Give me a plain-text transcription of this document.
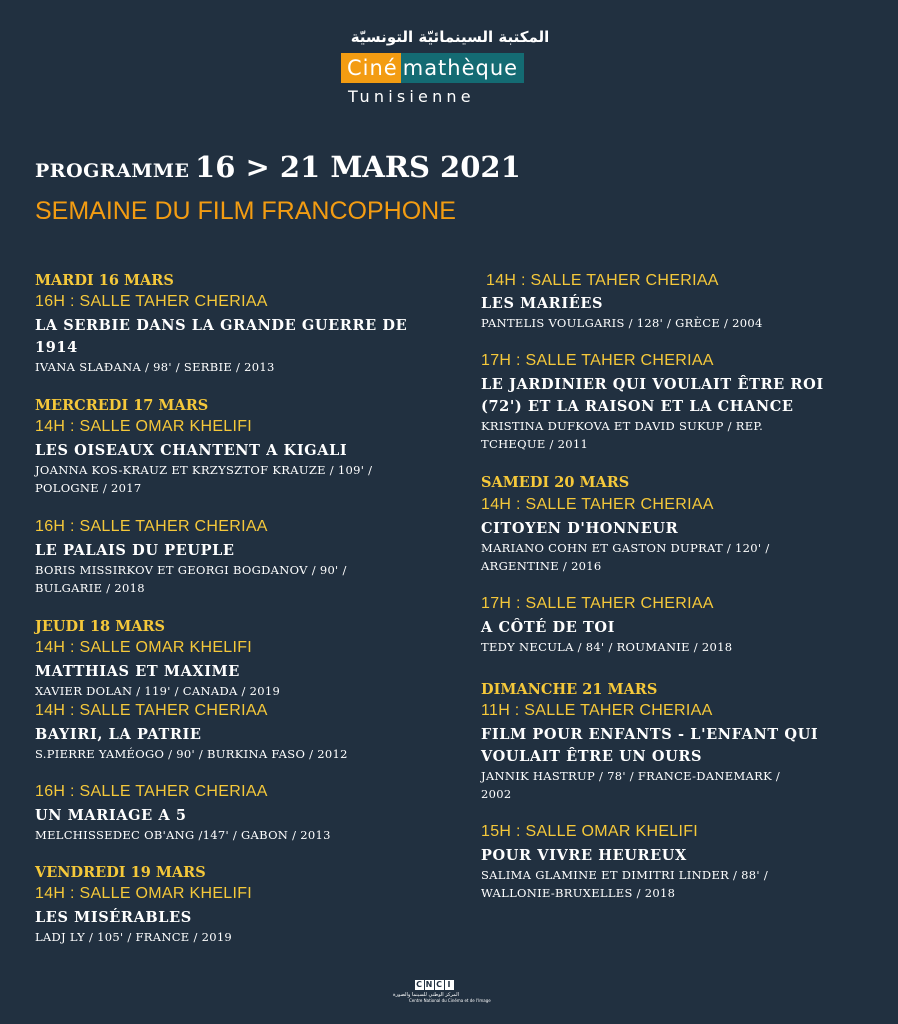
المكتبة السينمائيّة التونسيّة
Ciné mathèque
Tunisienne
PROGRAMME 16 > 21 MARS 2021
SEMAINE DU FILM FRANCOPHONE
MARDI 16 MARS
16H : SALLE TAHER CHERIAA
LA SERBIE DANS LA GRANDE GUERRE DE
1914
IVANA SLAĐANA / 98' / SERBIE / 2013
MERCREDI 17 MARS
14H : SALLE OMAR KHELIFI
LES OISEAUX CHANTENT A KIGALI
JOANNA KOS-KRAUZ ET KRZYSZTOF KRAUZE / 109' /
POLOGNE / 2017
16H : SALLE TAHER CHERIAA
LE PALAIS DU PEUPLE
BORIS MISSIRKOV ET GEORGI BOGDANOV / 90' /
BULGARIE / 2018
JEUDI 18 MARS
14H : SALLE OMAR KHELIFI
MATTHIAS ET MAXIME
XAVIER DOLAN / 119' / CANADA / 2019
14H : SALLE TAHER CHERIAA
BAYIRI, LA PATRIE
S.PIERRE YAMÉOGO / 90' / BURKINA FASO / 2012
16H : SALLE TAHER CHERIAA
UN MARIAGE A 5
MELCHISSEDEC OB'ANG /147' / GABON / 2013
VENDREDI 19 MARS
14H : SALLE OMAR KHELIFI
LES MISÉRABLES
LADJ LY / 105' / FRANCE / 2019
14H : SALLE TAHER CHERIAA
LES MARIÉES
PANTELIS VOULGARIS / 128' / GRÈCE / 2004
17H : SALLE TAHER CHERIAA
LE JARDINIER QUI VOULAIT ÊTRE ROI
(72') ET LA RAISON ET LA CHANCE
KRISTINA DUFKOVA ET DAVID SUKUP / REP.
TCHEQUE / 2011
SAMEDI 20 MARS
14H : SALLE TAHER CHERIAA
CITOYEN D'HONNEUR
MARIANO COHN ET GASTON DUPRAT / 120' /
ARGENTINE / 2016
17H : SALLE TAHER CHERIAA
A CÔTÉ DE TOI
TEDY NECULA / 84' / ROUMANIE / 2018
DIMANCHE 21 MARS
11H : SALLE TAHER CHERIAA
FILM POUR ENFANTS - L'ENFANT QUI
VOULAIT ÊTRE UN OURS
JANNIK HASTRUP / 78' / FRANCE-DANEMARK /
2002
15H : SALLE OMAR KHELIFI
POUR VIVRE HEUREUX
SALIMA GLAMINE ET DIMITRI LINDER / 88' /
WALLONIE-BRUXELLES / 2018
C N C I
المركز الوطني للسينما والصورة
Centre National du Cinéma et de l'Image
